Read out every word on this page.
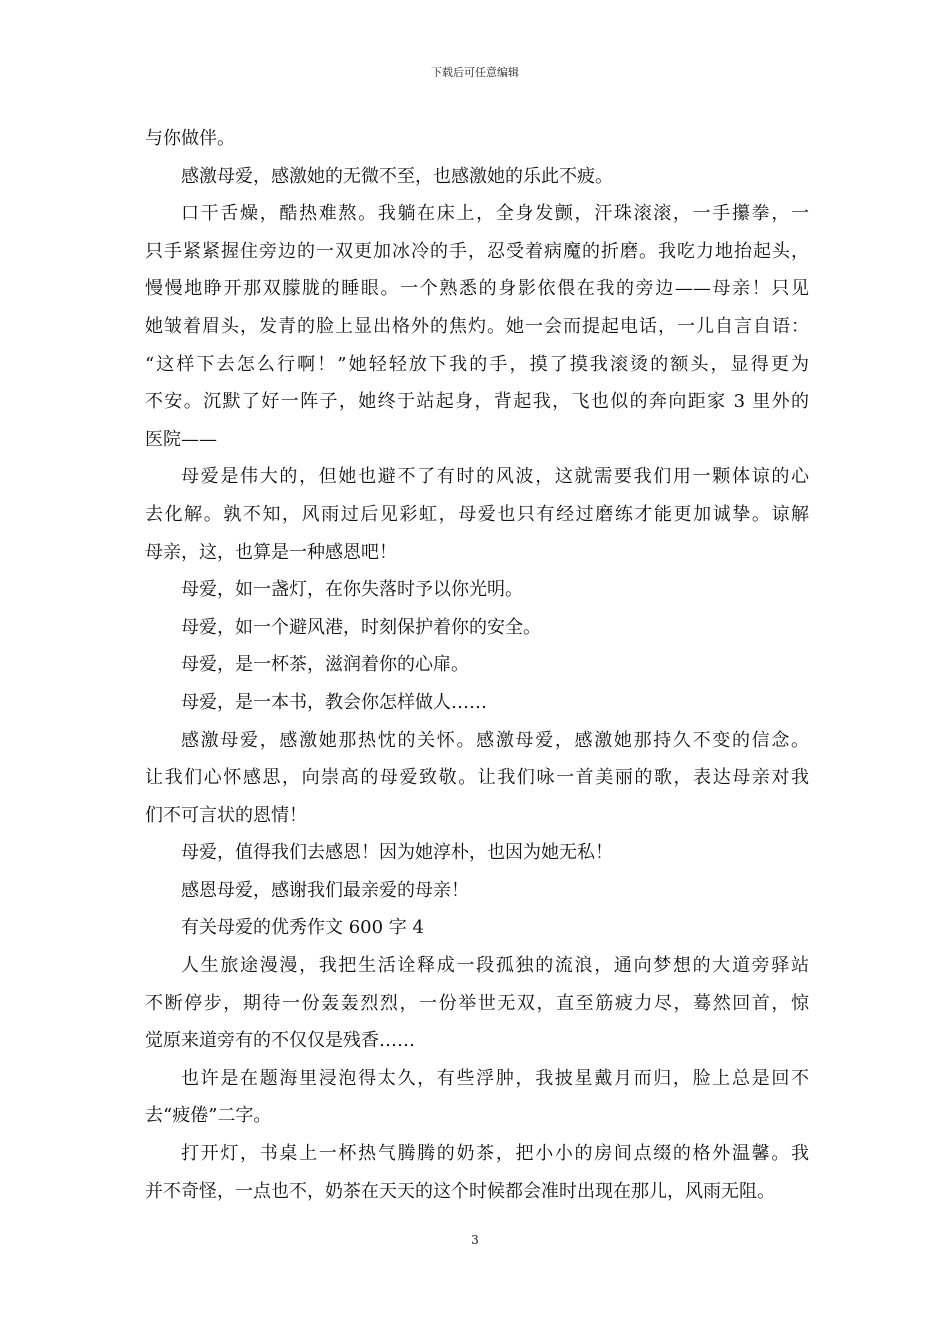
下载后可任意编辑
与你做伴。
感激母爱，感激她的无微不至，也感激她的乐此不疲。
口干舌燥，酷热难熬。我躺在床上，全身发颤，汗珠滚滚，一手攥拳，一
只手紧紧握住旁边的一双更加冰冷的手，忍受着病魔的折磨。我吃力地抬起头，
慢慢地睁开那双朦胧的睡眼。一个熟悉的身影依偎在我的旁边——母亲！只见
她皱着眉头，发青的脸上显出格外的焦灼。她一会而提起电话，一儿自言自语：
“这样下去怎么行啊！”她轻轻放下我的手，摸了摸我滚烫的额头，显得更为
不安。沉默了好一阵子，她终于站起身，背起我，飞也似的奔向距家 3 里外的
医院——
母爱是伟大的，但她也避不了有时的风波，这就需要我们用一颗体谅的心
去化解。孰不知，风雨过后见彩虹，母爱也只有经过磨练才能更加诚挚。谅解
母亲，这，也算是一种感恩吧！
母爱，如一盏灯，在你失落时予以你光明。
母爱，如一个避风港，时刻保护着你的安全。
母爱，是一杯茶，滋润着你的心扉。
母爱，是一本书，教会你怎样做人……
感激母爱，感激她那热忱的关怀。感激母爱，感激她那持久不变的信念。
让我们心怀感思，向崇高的母爱致敬。让我们咏一首美丽的歌，表达母亲对我
们不可言状的恩情！
母爱，值得我们去感恩！因为她淳朴，也因为她无私！
感恩母爱，感谢我们最亲爱的母亲！
有关母爱的优秀作文 600 字 4
人生旅途漫漫，我把生活诠释成一段孤独的流浪，通向梦想的大道旁驿站
不断停步，期待一份轰轰烈烈，一份举世无双，直至筋疲力尽，蓦然回首，惊
觉原来道旁有的不仅仅是残香……
也许是在题海里浸泡得太久，有些浮肿，我披星戴月而归，脸上总是回不
去“疲倦”二字。
打开灯，书桌上一杯热气腾腾的奶茶，把小小的房间点缀的格外温馨。我
并不奇怪，一点也不，奶茶在天天的这个时候都会准时出现在那儿，风雨无阻。
3
